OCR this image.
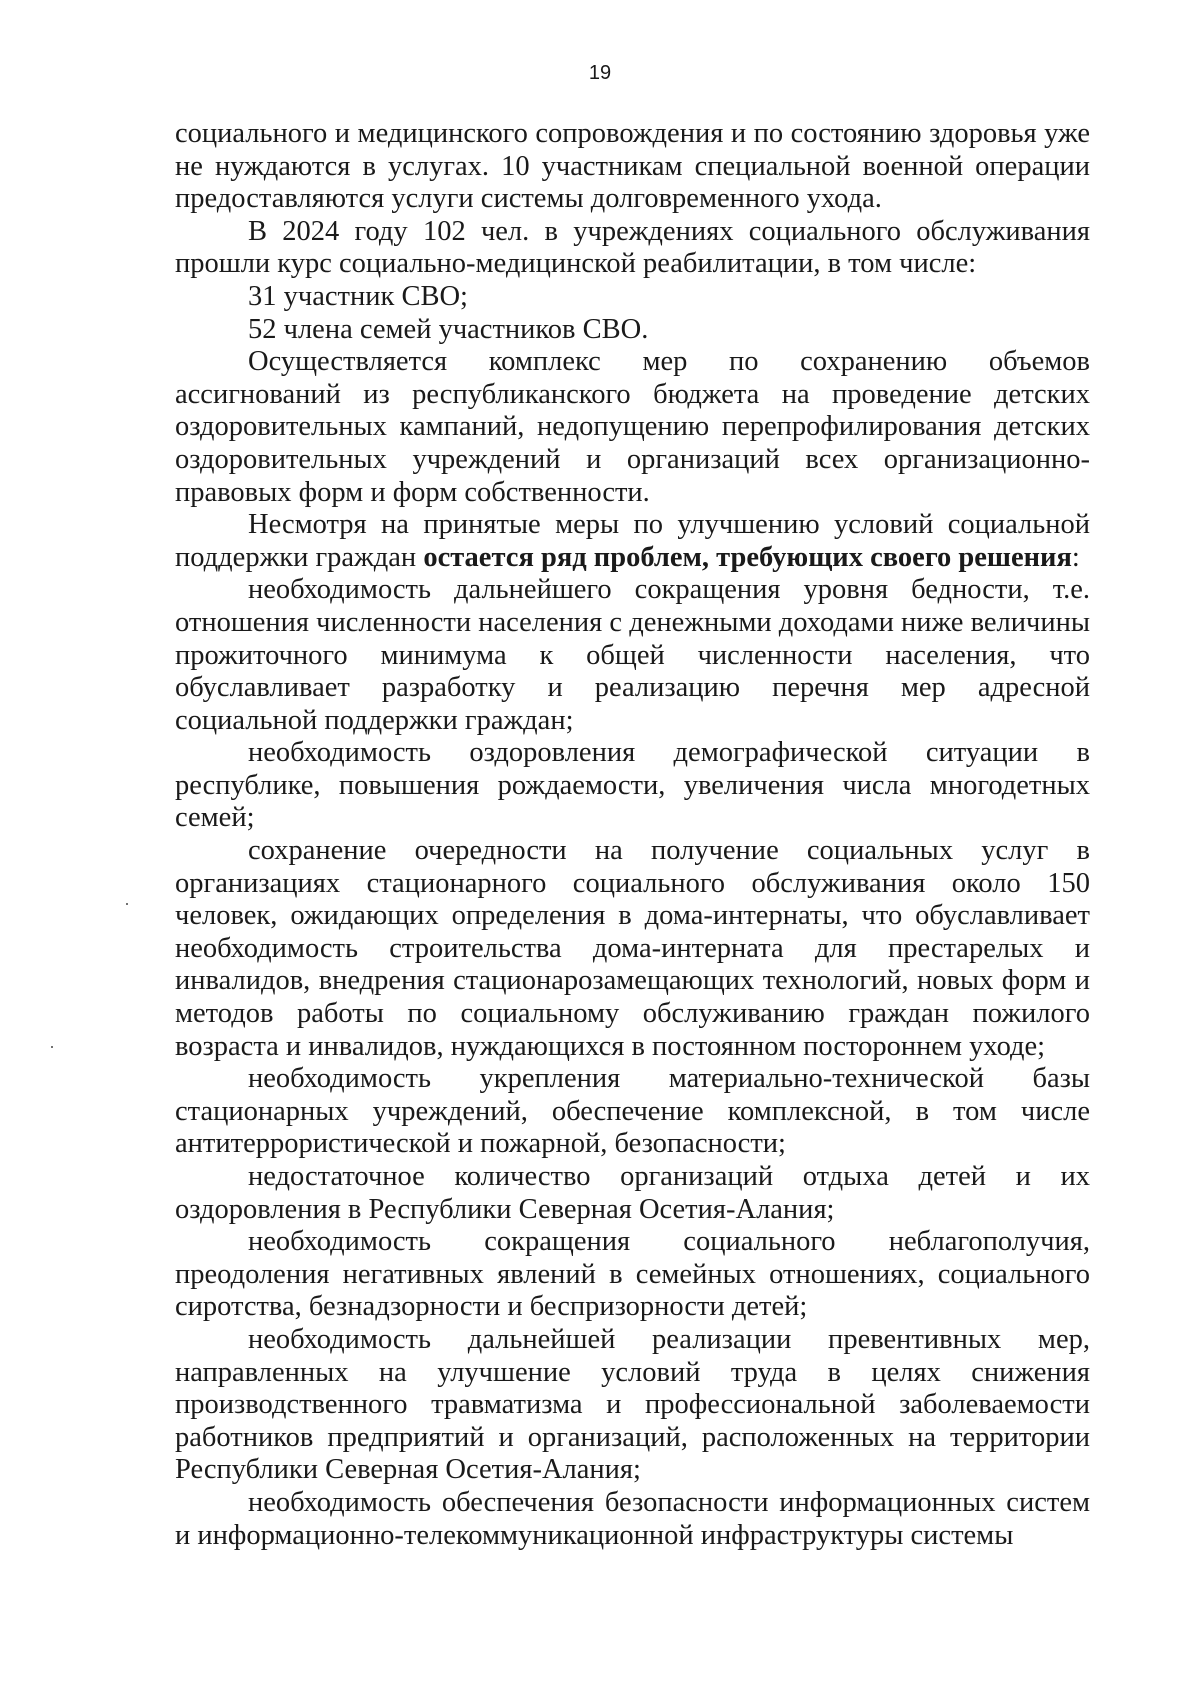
19

социального и медицинского сопровождения и по состоянию здоровья уже не нуждаются в услугах. 10 участникам специальной военной операции предоставляются услуги системы долговременного ухода.

В 2024 году 102 чел. в учреждениях социального обслуживания прошли курс социально-медицинской реабилитации, в том числе:

31 участник СВО;

52 члена семей участников СВО.

Осуществляется комплекс мер по сохранению объемов ассигнований из республиканского бюджета на проведение детских оздоровительных кампаний, недопущению перепрофилирования детских оздоровительных учреждений и организаций всех организационно-правовых форм и форм собственности.

Несмотря на принятые меры по улучшению условий социальной поддержки граждан остается ряд проблем, требующих своего решения:

необходимость дальнейшего сокращения уровня бедности, т.е. отношения численности населения с денежными доходами ниже величины прожиточного минимума к общей численности населения, что обуславливает разработку и реализацию перечня мер адресной социальной поддержки граждан;

необходимость оздоровления демографической ситуации в республике, повышения рождаемости, увеличения числа многодетных семей;

сохранение очередности на получение социальных услуг в организациях стационарного социального обслуживания около 150 человек, ожидающих определения в дома-интернаты, что обуславливает необходимость строительства дома-интерната для престарелых и инвалидов, внедрения стационарозамещающих технологий, новых форм и методов работы по социальному обслуживанию граждан пожилого возраста и инвалидов, нуждающихся в постоянном постороннем уходе;

необходимость укрепления материально-технической базы стационарных учреждений, обеспечение комплексной, в том числе антитеррористической и пожарной, безопасности;

недостаточное количество организаций отдыха детей и их оздоровления в Республики Северная Осетия-Алания;

необходимость сокращения социального неблагополучия, преодоления негативных явлений в семейных отношениях, социального сиротства, безнадзорности и беспризорности детей;

необходимость дальнейшей реализации превентивных мер, направленных на улучшение условий труда в целях снижения производственного травматизма и профессиональной заболеваемости работников предприятий и организаций, расположенных на территории Республики Северная Осетия-Алания;

необходимость обеспечения безопасности информационных систем и информационно-телекоммуникационной инфраструктуры системы
